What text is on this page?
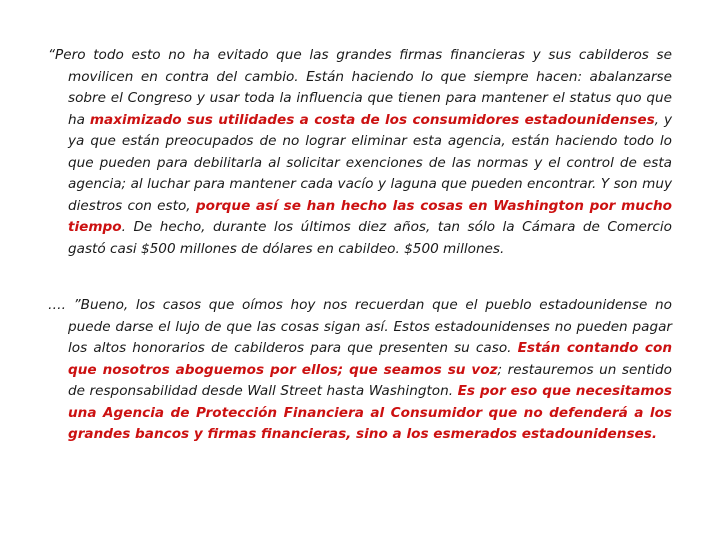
“Pero todo esto no ha evitado que las grandes firmas financieras y sus cabilderos se movilicen en contra del cambio. Están haciendo lo que siempre hacen: abalanzarse sobre el Congreso y usar toda la influencia que tienen para mantener el status quo que ha maximizado sus utilidades a costa de los consumidores estadounidenses, y ya que están preocupados de no lograr eliminar esta agencia, están haciendo todo lo que pueden para debilitarla al solicitar exenciones de las normas y el control de esta agencia; al luchar para mantener cada vacío y laguna que pueden encontrar. Y son muy diestros con esto, porque así se han hecho las cosas en Washington por mucho tiempo. De hecho, durante los últimos diez años, tan sólo la Cámara de Comercio gastó casi $500 millones de dólares en cabildeo. $500 millones.

…. ”Bueno, los casos que oímos hoy nos recuerdan que el pueblo estadounidense no puede darse el lujo de que las cosas sigan así. Estos estadounidenses no pueden pagar los altos honorarios de cabilderos para que presenten su caso. Están contando con que nosotros aboguemos por ellos; que seamos su voz; restauremos un sentido de responsabilidad desde Wall Street hasta Washington. Es por eso que necesitamos una Agencia de Protección Financiera al Consumidor que no defenderá a los grandes bancos y firmas financieras, sino a los esmerados estadounidenses.
